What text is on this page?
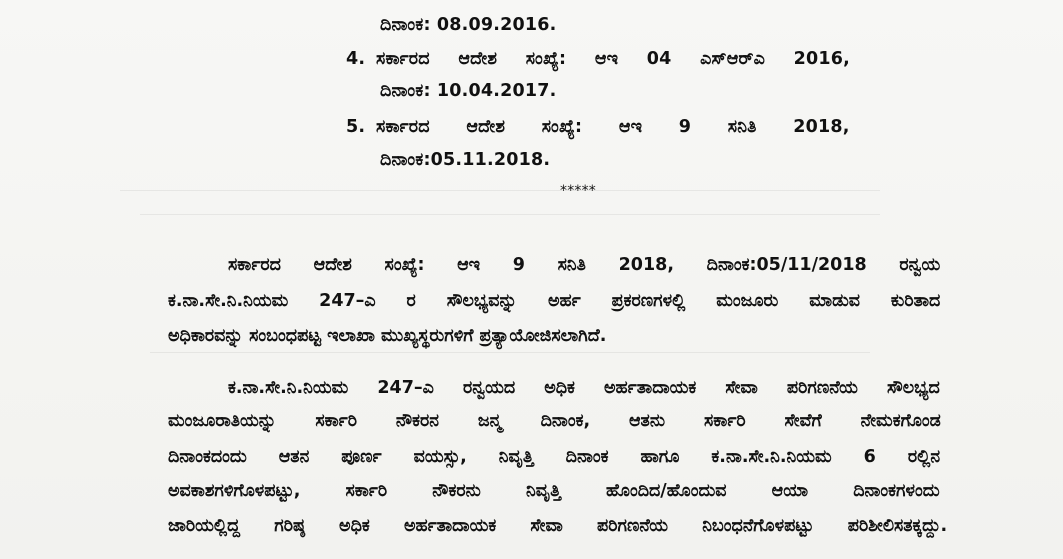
ದಿನಾಂಕ: 08.09.2016.
4. ಸರ್ಕಾರದ ಆದೇಶ ಸಂಖ್ಯೆ: ಆಇ 04 ಎಸ್‌ಆರ್‌ಎ 2016,
ದಿನಾಂಕ: 10.04.2017.
5. ಸರ್ಕಾರದ ಆದೇಶ ಸಂಖ್ಯೆ: ಆಇ 9 ಸನಿತಿ 2018,
ದಿನಾಂಕ:05.11.2018.
*****
ಸರ್ಕಾರದ ಆದೇಶ ಸಂಖ್ಯೆ: ಆಇ 9 ಸನಿತಿ 2018, ದಿನಾಂಕ:05/11/2018 ರನ್ವಯ
ಕ.ನಾ.ಸೇ.ನಿ.ನಿಯಮ 247–ಎ ರ ಸೌಲಭ್ಯವನ್ನು ಅರ್ಹ ಪ್ರಕರಣಗಳಲ್ಲಿ ಮಂಜೂರು ಮಾಡುವ ಕುರಿತಾದ
ಅಧಿಕಾರವನ್ನು ಸಂಬಂಧಪಟ್ಟ ಇಲಾಖಾ ಮುಖ್ಯಸ್ಥರುಗಳಿಗೆ ಪ್ರತ್ಯಾಯೋಜಿಸಲಾಗಿದೆ.
ಕ.ನಾ.ಸೇ.ನಿ.ನಿಯಮ 247–ಎ ರನ್ವಯದ ಅಧಿಕ ಅರ್ಹತಾದಾಯಕ ಸೇವಾ ಪರಿಗಣನೆಯ ಸೌಲಭ್ಯದ
ಮಂಜೂರಾತಿಯನ್ನು ಸರ್ಕಾರಿ ನೌಕರನ ಜನ್ಮ ದಿನಾಂಕ, ಆತನು ಸರ್ಕಾರಿ ಸೇವೆಗೆ ನೇಮಕಗೊಂಡ
ದಿನಾಂಕದಂದು ಆತನ ಪೂರ್ಣ ವಯಸ್ಸು, ನಿವೃತ್ತಿ ದಿನಾಂಕ ಹಾಗೂ ಕ.ನಾ.ಸೇ.ನಿ.ನಿಯಮ 6 ರಲ್ಲಿನ
ಅವಕಾಶಗಳಿಗೊಳಪಟ್ಟು, ಸರ್ಕಾರಿ ನೌಕರನು ನಿವೃತ್ತಿ ಹೊಂದಿದ/ಹೊಂದುವ ಆಯಾ ದಿನಾಂಕಗಳಂದು
ಜಾರಿಯಲ್ಲಿದ್ದ ಗರಿಷ್ಠ ಅಧಿಕ ಅರ್ಹತಾದಾಯಕ ಸೇವಾ ಪರಿಗಣನೆಯ ನಿಬಂಧನೆಗೊಳಪಟ್ಟು ಪರಿಶೀಲಿಸತಕ್ಕದ್ದು.
